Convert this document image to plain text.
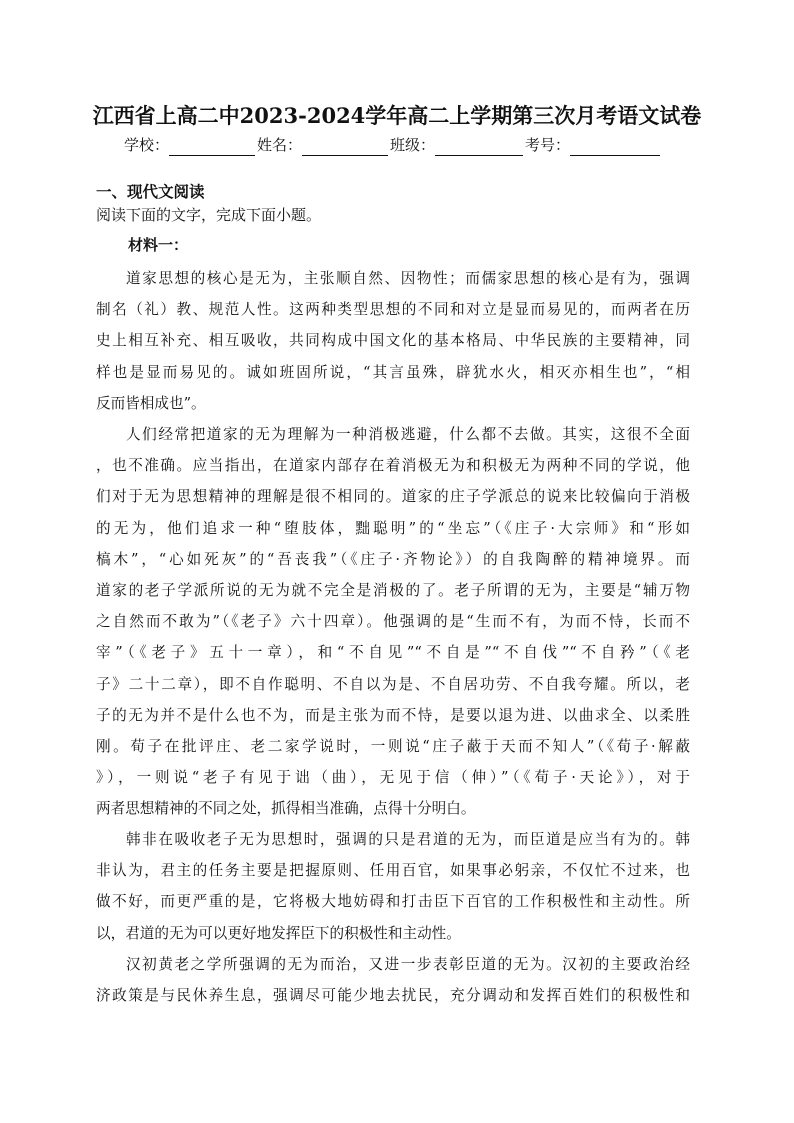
江西省上高二中2023-2024学年高二上学期第三次月考语文试卷
学校：	姓名：	班级：	考号：
一、现代文阅读
阅读下面的文字，完成下面小题。
材料一：
道家思想的核心是无为，主张顺自然、因物性；而儒家思想的核心是有为，强调
制名（礼）教、规范人性。这两种类型思想的不同和对立是显而易见的，而两者在历
史上相互补充、相互吸收，共同构成中国文化的基本格局、中华民族的主要精神，同
样也是显而易见的。诚如班固所说，“其言虽殊，辟犹水火，相灭亦相生也”，“相
反而皆相成也”。
人们经常把道家的无为理解为一种消极逃避，什么都不去做。其实，这很不全面
，也不准确。应当指出，在道家内部存在着消极无为和积极无为两种不同的学说，他
们对于无为思想精神的理解是很不相同的。道家的庄子学派总的说来比较偏向于消极
的无为，他们追求一种“堕肢体，黜聪明”的“坐忘”（《庄子·大宗师》和“形如
槁木”，“心如死灰”的“吾丧我”（《庄子·齐物论》）的自我陶醉的精神境界。而
道家的老子学派所说的无为就不完全是消极的了。老子所谓的无为，主要是“辅万物
之自然而不敢为”（《老子》六十四章）。他强调的是“生而不有，为而不恃，长而不
宰”（《老子》五十一章），和“不自见”“不自是”“不自伐”“不自矜”（《老
子》二十二章），即不自作聪明、不自以为是、不自居功劳、不自我夸耀。所以，老
子的无为并不是什么也不为，而是主张为而不恃，是要以退为进、以曲求全、以柔胜
刚。荀子在批评庄、老二家学说时，一则说“庄子蔽于天而不知人”（《荀子·解蔽
》），一则说“老子有见于诎（曲），无见于信（伸）”（《荀子·天论》），对于
两者思想精神的不同之处，抓得相当准确，点得十分明白。
韩非在吸收老子无为思想时，强调的只是君道的无为，而臣道是应当有为的。韩
非认为，君主的任务主要是把握原则、任用百官，如果事必躬亲，不仅忙不过来，也
做不好，而更严重的是，它将极大地妨碍和打击臣下百官的工作积极性和主动性。所
以，君道的无为可以更好地发挥臣下的积极性和主动性。
汉初黄老之学所强调的无为而治，又进一步表彰臣道的无为。汉初的主要政治经
济政策是与民休养生息，强调尽可能少地去扰民，充分调动和发挥百姓们的积极性和
